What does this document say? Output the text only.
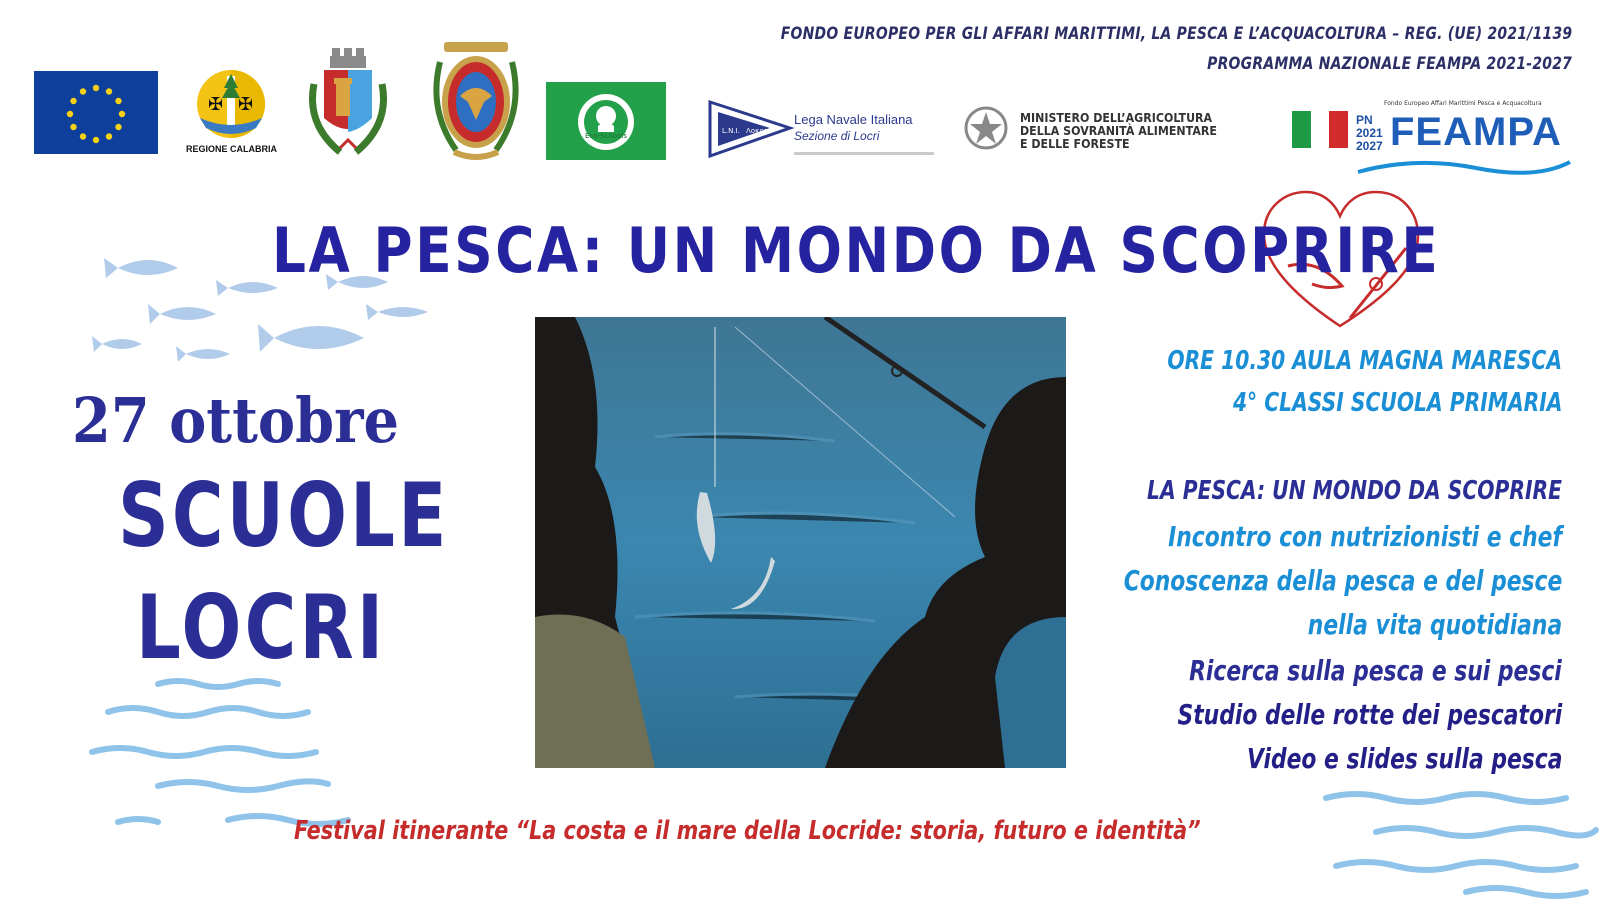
FONDO EUROPEO PER GLI AFFARI MARITTIMI, LA PESCA E L’ACQUACOLTURA – REG. (UE) 2021/1139
PROGRAMMA NAZIONALE FEAMPA 2021-2027
✠ ✠
REGIONE CALABRIA
Eco-Schools
L.N.I. Λοκροί
Lega Navale Italiana
Sezione di Locri
MINISTERO DELL’AGRICOLTURA
DELLA SOVRANITÀ ALIMENTARE
E DELLE FORESTE
Fondo Europeo Affari Marittimi Pesca e Acquacoltura
PN
2021
2027 FEAMPA
LA PESCA: UN MONDO DA SCOPRIRE
27 ottobre
SCUOLE
LOCRI
ORE 10.30 AULA MAGNA MARESCA
4° CLASSI SCUOLA PRIMARIA
LA PESCA: UN MONDO DA SCOPRIRE
Incontro con nutrizionisti e chef
Conoscenza della pesca e del pesce
nella vita quotidiana
Ricerca sulla pesca e sui pesci
Studio delle rotte dei pescatori
Video e slides sulla pesca
Festival itinerante “La costa e il mare della Locride: storia, futuro e identità”
